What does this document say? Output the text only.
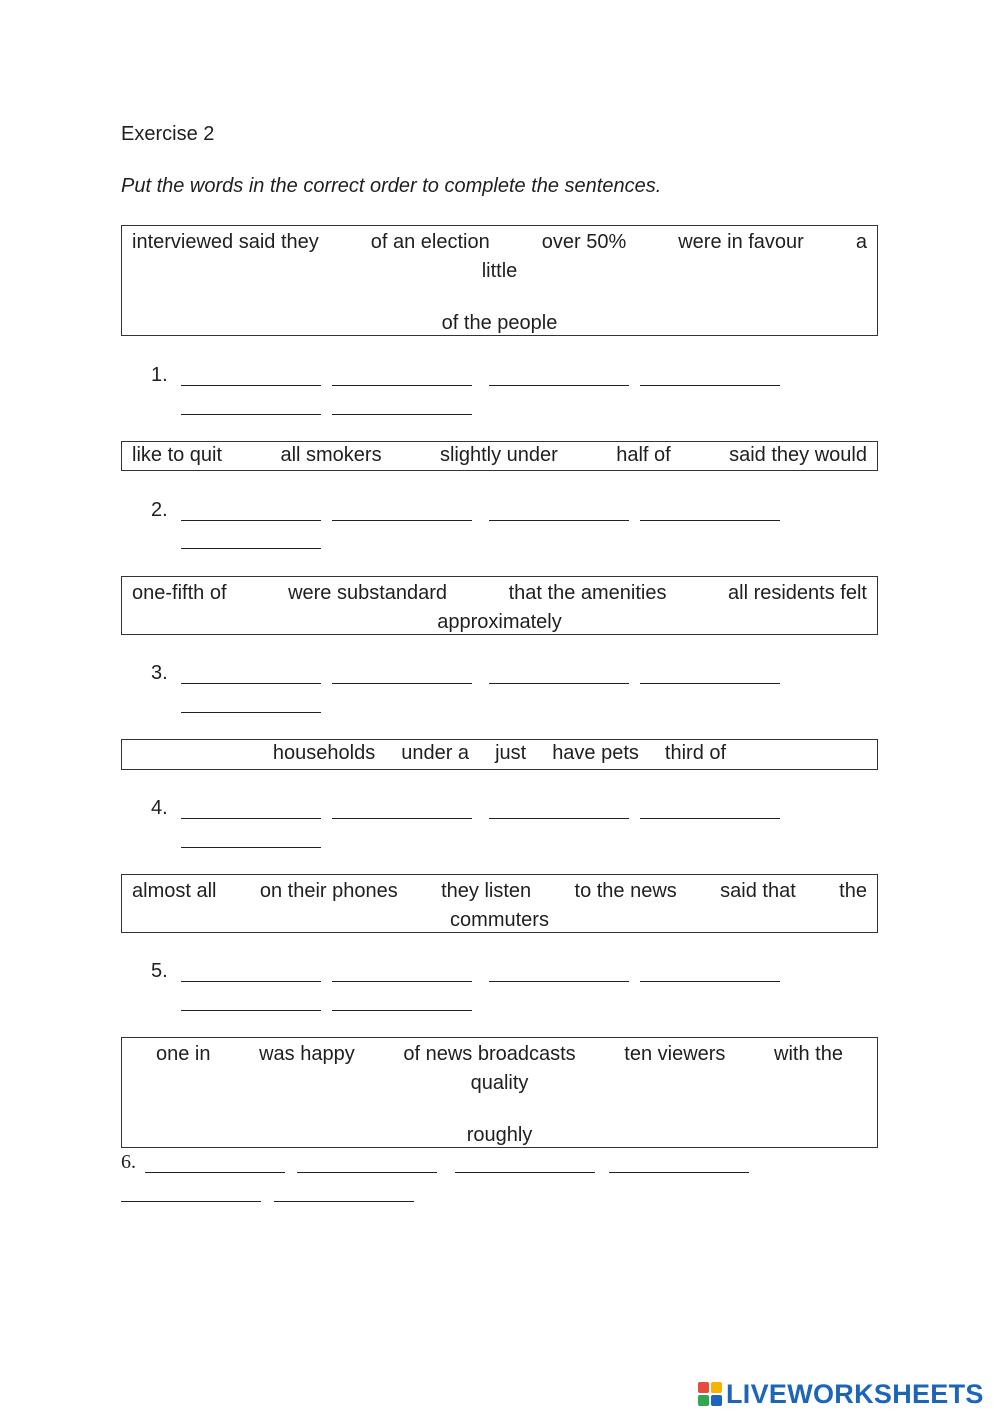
Exercise 2
Put the words in the correct order to complete the sentences.
interviewed said they	of an election	over 50%	were in favour	a
little
of the people
1.
like to quit	all smokers	slightly under	half of	said they would
2.
one-fifth of	were substandard	that the amenities	all residents felt
approximately
3.
households under a just have pets third of
4.
almost all on their phones they listen to the news said that the
commuters
5.
one in was happy of news broadcasts ten viewers with the
quality
roughly
6.
LIVEWORKSHEETS
